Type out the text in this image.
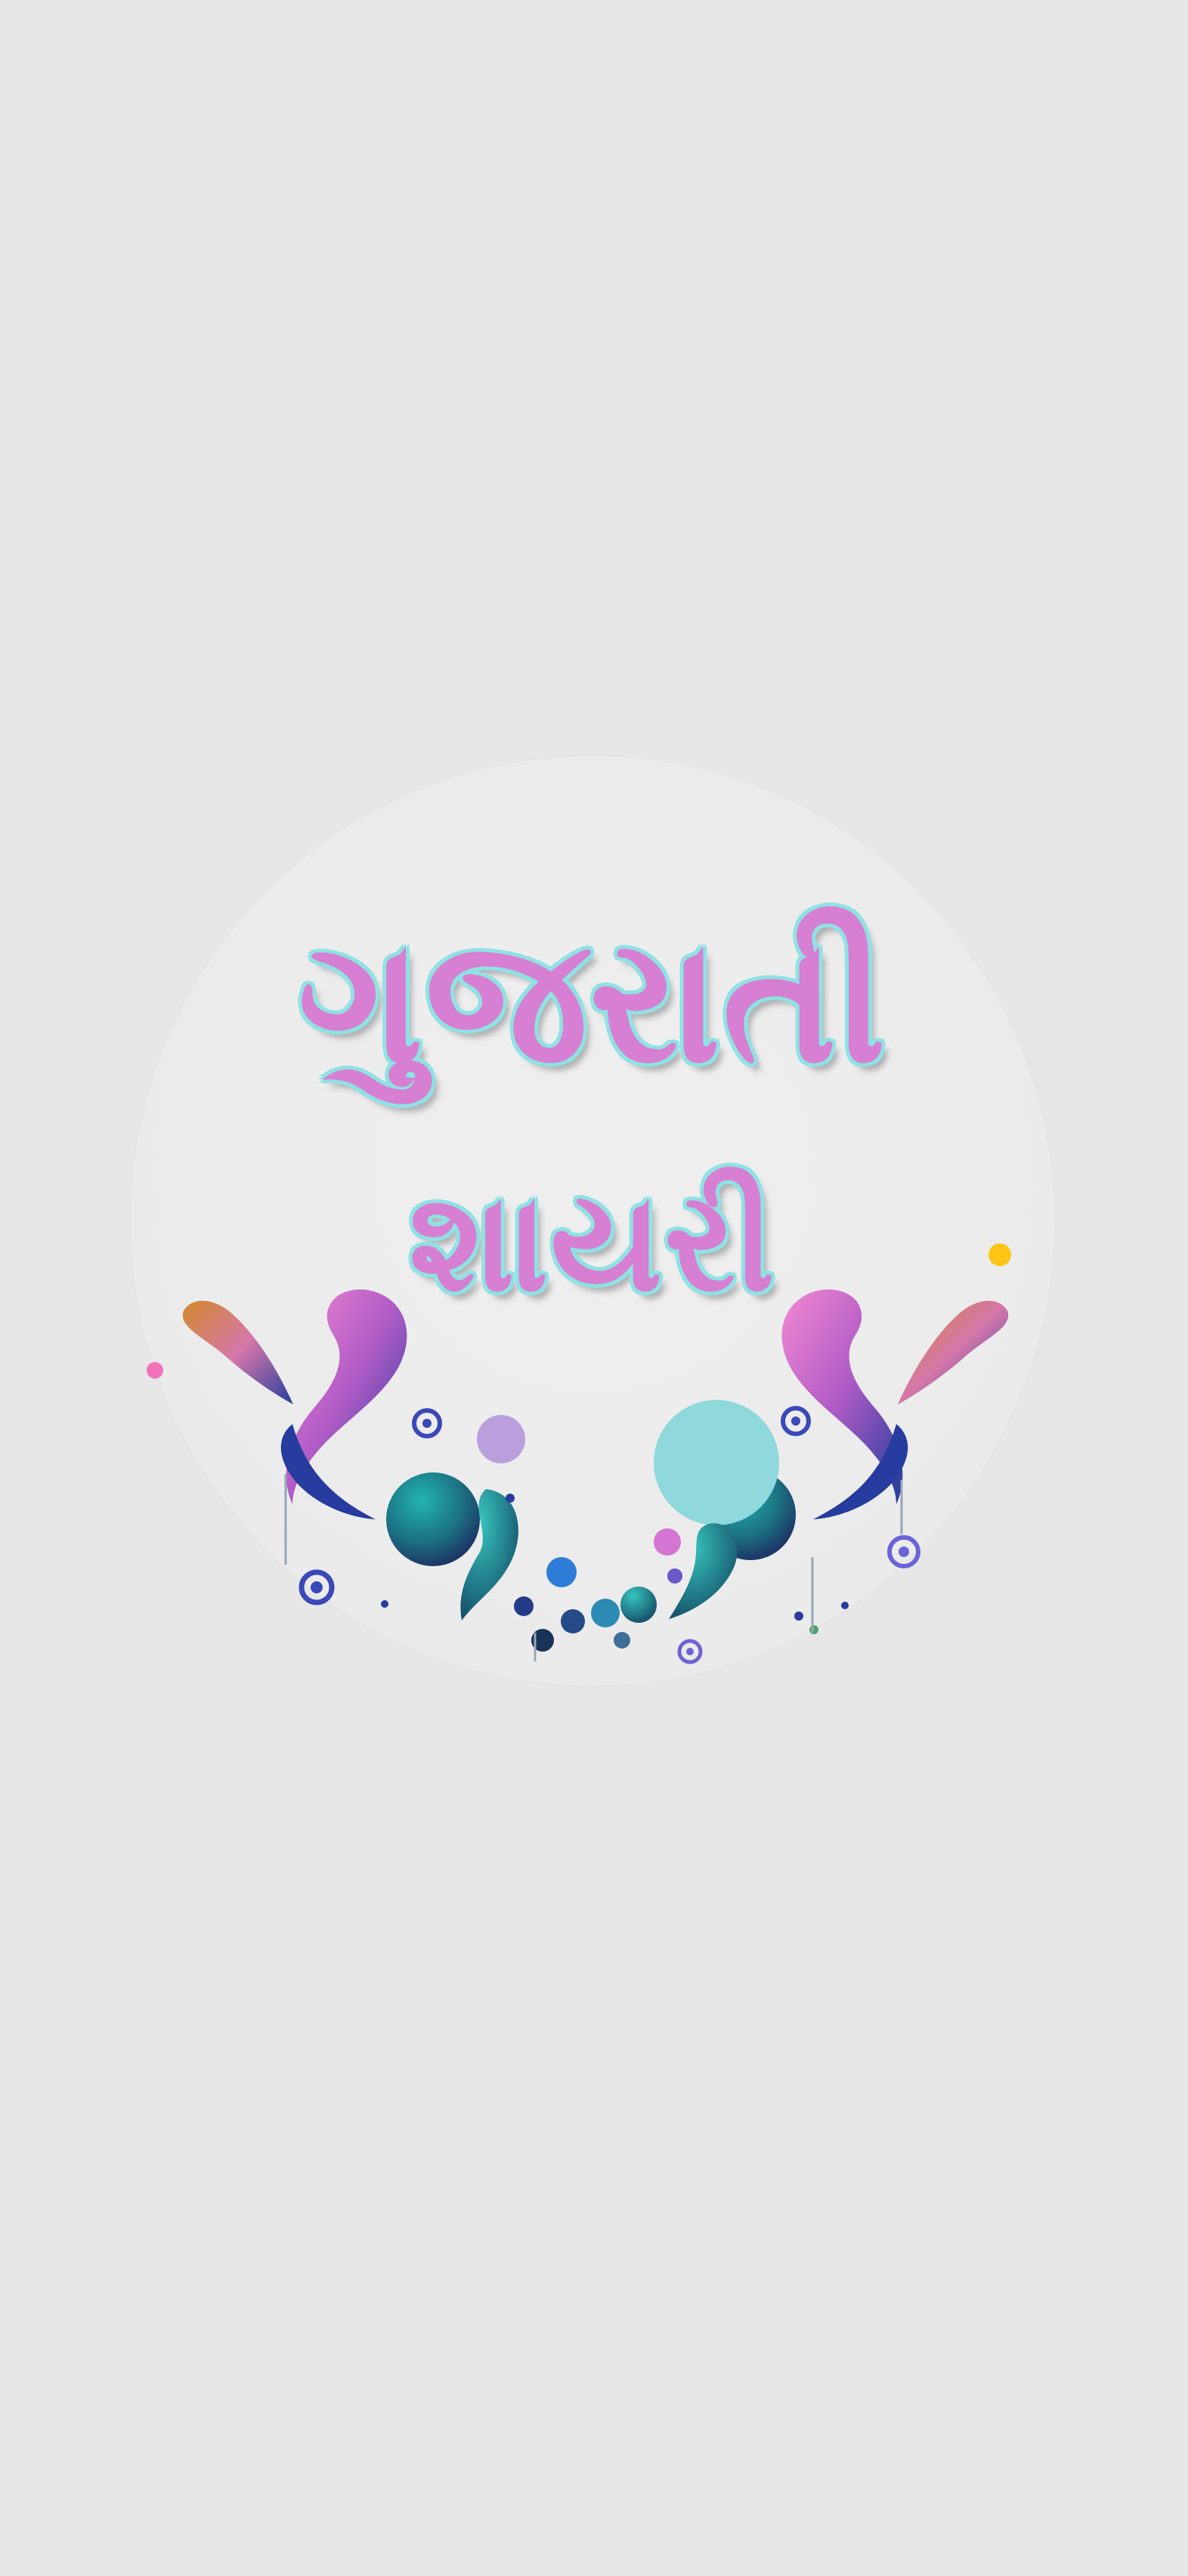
ગુજરાતી
શાયરી
